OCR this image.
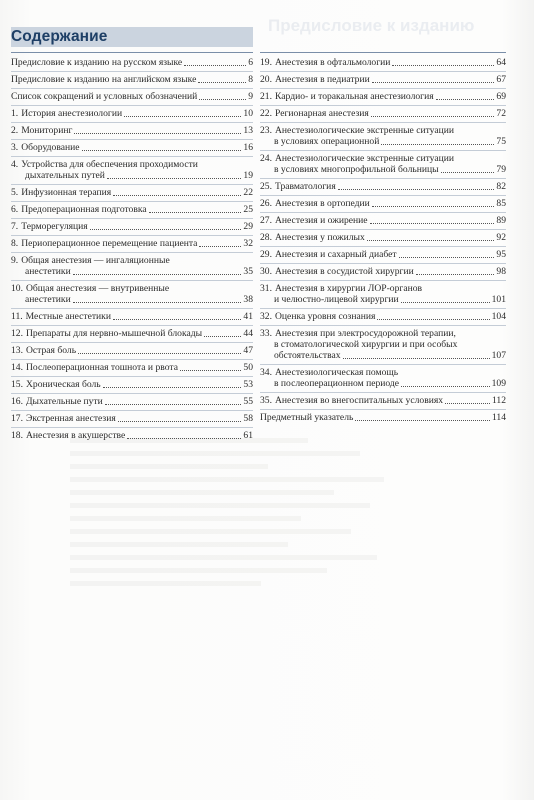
Предисловие к изданию
Содержание
Предисловие к изданию на русском языке	6
Предисловие к изданию на английском языке	8
Список сокращений и условных обозначений	9
1. История анестезиологии	10
2. Мониторинг	13
3. Оборудование	16
4. Устройства для обеспечения проходимости
дыхательных путей	19
5. Инфузионная терапия	22
6. Предоперационная подготовка	25
7. Терморегуляция	29
8. Периоперационное перемещение пациента	32
9. Общая анестезия — ингаляционные
анестетики	35
10. Общая анестезия — внутривенные
анестетики	38
11. Местные анестетики	41
12. Препараты для нервно-мышечной блокады	44
13. Острая боль	47
14. Послеоперационная тошнота и рвота	50
15. Хроническая боль	53
16. Дыхательные пути	55
17. Экстренная анестезия	58
18. Анестезия в акушерстве	61
19. Анестезия в офтальмологии	64
20. Анестезия в педиатрии	67
21. Кардио- и торакальная анестезиология	69
22. Регионарная анестезия	72
23. Анестезиологические экстренные ситуации
в условиях операционной	75
24. Анестезиологические экстренные ситуации
в условиях многопрофильной больницы	79
25. Травматология	82
26. Анестезия в ортопедии	85
27. Анестезия и ожирение	89
28. Анестезия у пожилых	92
29. Анестезия и сахарный диабет	95
30. Анестезия в сосудистой хирургии	98
31. Анестезия в хирургии ЛОР-органов
и челюстно-лицевой хирургии	101
32. Оценка уровня сознания	104
33. Анестезия при электросудорожной терапии,
в стоматологической хирургии и при особых
обстоятельствах	107
34. Анестезиологическая помощь
в послеоперационном периоде	109
35. Анестезия во внегоспитальных условиях	112
Предметный указатель	114
